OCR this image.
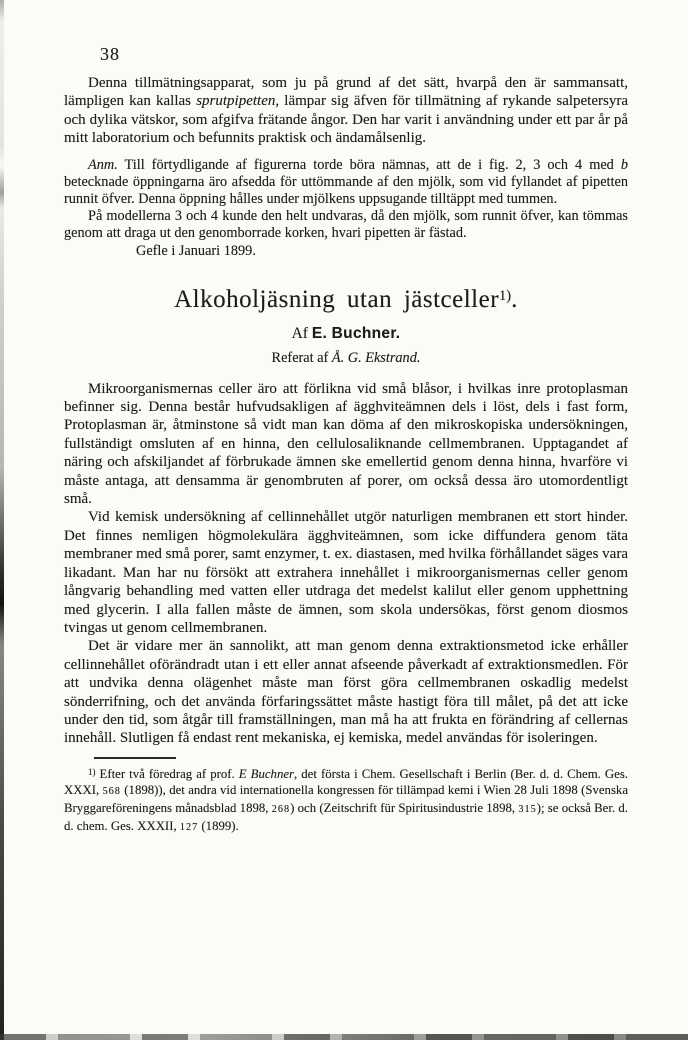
38

Denna tillmätningsapparat, som ju på grund af det sätt, hvarpå den är sammansatt, lämpligen kan kallas sprutpipetten, lämpar sig äfven för tillmätning af rykande salpetersyra och dylika vätskor, som afgifva frätande ångor. Den har varit i användning under ett par år på mitt laboratorium och befunnits praktisk och ändamålsenlig.

Anm. Till förtydligande af figurerna torde böra nämnas, att de i fig. 2, 3 och 4 med b betecknade öppningarna äro afsedda för uttömmande af den mjölk, som vid fyllandet af pipetten runnit öfver. Denna öppning hålles under mjölkens uppsugande tilltäppt med tummen.

På modellerna 3 och 4 kunde den helt undvaras, då den mjölk, som runnit öfver, kan tömmas genom att draga ut den genomborrade korken, hvari pipetten är fästad.

Gefle i Januari 1899.

Alkoholjäsning utan jästceller$^{1)}$.

Af E. Buchner.

Referat af Å. G. Ekstrand.

Mikroorganismernas celler äro att förlikna vid små blåsor, i hvilkas inre protoplasman befinner sig. Denna består hufvudsakligen af ägghviteämnen dels i löst, dels i fast form, Protoplasman är, åtminstone så vidt man kan döma af den mikroskopiska undersökningen, fullständigt omsluten af en hinna, den cellulosaliknande cellmembranen. Upptagandet af näring och afskiljandet af förbrukade ämnen ske emellertid genom denna hinna, hvarföre vi måste antaga, att densamma är genombruten af porer, om också dessa äro utomordentligt små.

Vid kemisk undersökning af cellinnehållet utgör naturligen membranen ett stort hinder. Det finnes nemligen högmolekulära ägghviteämnen, som icke diffundera genom täta membraner med små porer, samt enzymer, t. ex. diastasen, med hvilka förhållandet säges vara likadant. Man har nu försökt att extrahera innehållet i mikroorganismernas celler genom långvarig behandling med vatten eller utdraga det medelst kalilut eller genom upphettning med glycerin. I alla fallen måste de ämnen, som skola undersökas, först genom diosmos tvingas ut genom cellmembranen.

Det är vidare mer än sannolikt, att man genom denna extraktionsmetod icke erhåller cellinnehållet oförändradt utan i ett eller annat afseende påverkadt af extraktionsmedlen. För att undvika denna olägenhet måste man först göra cellmembranen oskadlig medelst sönderrifning, och det använda förfaringssättet måste hastigt föra till målet, på det att icke under den tid, som åtgår till framställningen, man må ha att frukta en förändring af cellernas innehåll. Slutligen få endast rent mekaniska, ej kemiska, medel användas för isoleringen.

$^{1)}$ Efter två föredrag af prof. E Buchner, det första i Chem. Gesellschaft i Berlin (Ber. d. d. Chem. Ges. XXXI, 568 (1898)), det andra vid internationella kongressen för tillämpad kemi i Wien 28 Juli 1898 (Svenska Bryggareföreningens månadsblad 1898, 268) och (Zeitschrift für Spiritusindustrie 1898, 315); se också Ber. d. d. chem. Ges. XXXII, 127 (1899).
